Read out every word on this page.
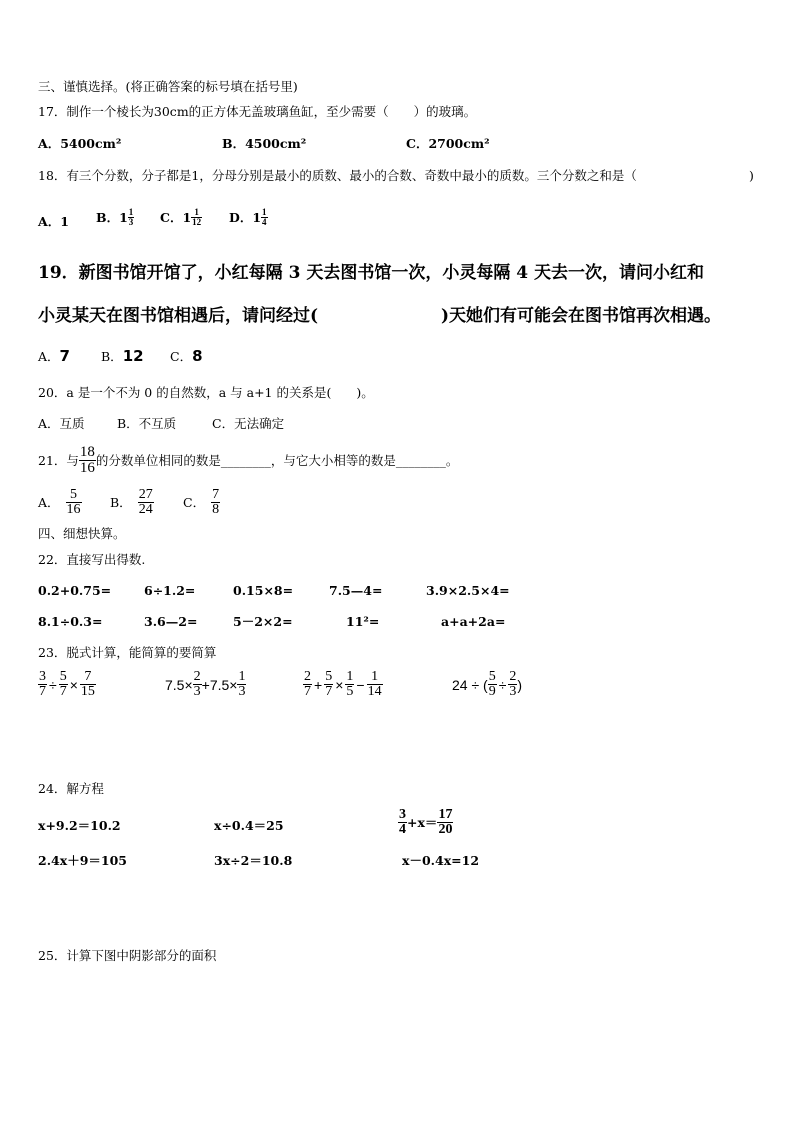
三、谨慎选择。(将正确答案的标号填在括号里)
17．制作一个棱长为30cm的正方体无盖玻璃鱼缸，至少需要（　　）的玻璃。
A．5400cm²	B．4500cm²	C．2700cm²
18．有三个分数，分子都是1，分母分别是最小的质数、最小的合数、奇数中最小的质数。三个分数之和是（	)
A．1 B．$1 \frac{1}{3}$ C．$1 \frac{1}{12}$ D．$1 \frac{1}{4}$
19．新图书馆开馆了，小红每隔 3 天去图书馆一次，小灵每隔 4 天去一次，请问小红和
小灵某天在图书馆相遇后，请问经过(	)天她们有可能会在图书馆再次相遇。
A．7 B．12 C．8
20．a 是一个不为 0 的自然数，a 与 a+1 的关系是(　　)。
A．互质	B．不互质	C．无法确定
21．与 $\frac{18}{16}$ 的分数单位相同的数是________，与它大小相等的数是________。
A． $\frac{5}{16}$ B． $\frac{27}{24}$ C． $\frac{7}{8}$
四、细想快算。
22．直接写出得数.
0.2+0.75=	6÷1.2=	0.15×8=	7.5—4=	3.9×2.5×4=
8.1÷0.3=	3.6—2=	5－2×2=	11²=	a+a+2a=
23．脱式计算，能简算的要简算
$\frac{3}{7} \div \frac{5}{7} \times \frac{7}{15}$	$7.5\times \frac{2}{3} +7.5\times \frac{1}{3}$	$\frac{2}{7} + \frac{5}{7} \times \frac{1}{5} - \frac{1}{14}$	24 ÷ ( $\frac{5}{9} \div \frac{2}{3}$ )
24．解方程
x+9.2＝10.2	x÷0.4＝25	$\frac{3}{4} +x= \frac{17}{20}$
2.4x＋9＝105	3x÷2＝10.8	x－0.4x=12
25．计算下图中阴影部分的面积
